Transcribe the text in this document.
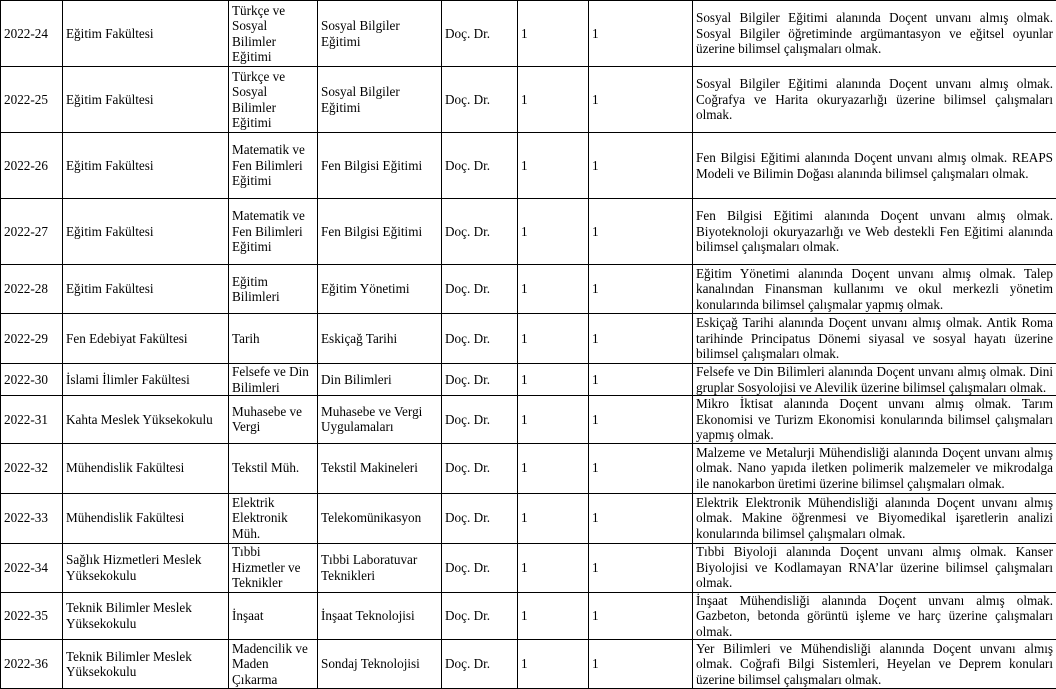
2022-24	Eğitim Fakültesi	Türkçe ve Sosyal Bilimler Eğitimi	Sosyal Bilgiler Eğitimi	Doç. Dr.	1	1	Sosyal Bilgiler Eğitimi alanında Doçent unvanı almış olmak. Sosyal Bilgiler öğretiminde argümantasyon ve eğitsel oyunlar üzerine bilimsel çalışmaları olmak.
2022-25	Eğitim Fakültesi	Türkçe ve Sosyal Bilimler Eğitimi	Sosyal Bilgiler Eğitimi	Doç. Dr.	1	1	Sosyal Bilgiler Eğitimi alanında Doçent unvanı almış olmak. Coğrafya ve Harita okuryazarlığı üzerine bilimsel çalışmaları olmak.
2022-26	Eğitim Fakültesi	Matematik ve Fen Bilimleri Eğitimi	Fen Bilgisi Eğitimi	Doç. Dr.	1	1	Fen Bilgisi Eğitimi alanında Doçent unvanı almış olmak. REAPS Modeli ve Bilimin Doğası alanında bilimsel çalışmaları olmak.
2022-27	Eğitim Fakültesi	Matematik ve Fen Bilimleri Eğitimi	Fen Bilgisi Eğitimi	Doç. Dr.	1	1	Fen Bilgisi Eğitimi alanında Doçent unvanı almış olmak. Biyoteknoloji okuryazarlığı ve Web destekli Fen Eğitimi alanında bilimsel çalışmaları olmak.
2022-28	Eğitim Fakültesi	Eğitim Bilimleri	Eğitim Yönetimi	Doç. Dr.	1	1	Eğitim Yönetimi alanında Doçent unvanı almış olmak. Talep kanalından Finansman kullanımı ve okul merkezli yönetim konularında bilimsel çalışmalar yapmış olmak.
2022-29	Fen Edebiyat Fakültesi	Tarih	Eskiçağ Tarihi	Doç. Dr.	1	1	Eskiçağ Tarihi alanında Doçent unvanı almış olmak. Antik Roma tarihinde Principatus Dönemi siyasal ve sosyal hayatı üzerine bilimsel çalışmaları olmak.
2022-30	İslami İlimler Fakültesi	Felsefe ve Din Bilimleri	Din Bilimleri	Doç. Dr.	1	1	Felsefe ve Din Bilimleri alanında Doçent unvanı almış olmak. Dini gruplar Sosyolojisi ve Alevilik üzerine bilimsel çalışmaları olmak.
2022-31	Kahta Meslek Yüksekokulu	Muhasebe ve Vergi	Muhasebe ve Vergi Uygulamaları	Doç. Dr.	1	1	Mikro İktisat alanında Doçent unvanı almış olmak. Tarım Ekonomisi ve Turizm Ekonomisi konularında bilimsel çalışmaları yapmış olmak.
2022-32	Mühendislik Fakültesi	Tekstil Müh.	Tekstil Makineleri	Doç. Dr.	1	1	Malzeme ve Metalurji Mühendisliği alanında Doçent unvanı almış olmak. Nano yapıda iletken polimerik malzemeler ve mikrodalga ile nanokarbon üretimi üzerine bilimsel çalışmaları olmak.
2022-33	Mühendislik Fakültesi	Elektrik Elektronik Müh.	Telekomünikasyon	Doç. Dr.	1	1	Elektrik Elektronik Mühendisliği alanında Doçent unvanı almış olmak. Makine öğrenmesi ve Biyomedikal işaretlerin analizi konularında bilimsel çalışmaları olmak.
2022-34	Sağlık Hizmetleri Meslek Yüksekokulu	Tıbbi Hizmetler ve Teknikler	Tıbbi Laboratuvar Teknikleri	Doç. Dr.	1	1	Tıbbi Biyoloji alanında Doçent unvanı almış olmak. Kanser Biyolojisi ve Kodlamayan RNA’lar üzerine bilimsel çalışmaları olmak.
2022-35	Teknik Bilimler Meslek Yüksekokulu	İnşaat	İnşaat Teknolojisi	Doç. Dr.	1	1	İnşaat Mühendisliği alanında Doçent unvanı almış olmak. Gazbeton, betonda görüntü işleme ve harç üzerine çalışmaları olmak.
2022-36	Teknik Bilimler Meslek Yüksekokulu	Madencilik ve Maden Çıkarma	Sondaj Teknolojisi	Doç. Dr.	1	1	Yer Bilimleri ve Mühendisliği alanında Doçent unvanı almış olmak. Coğrafi Bilgi Sistemleri, Heyelan ve Deprem konuları üzerine bilimsel çalışmaları olmak.
